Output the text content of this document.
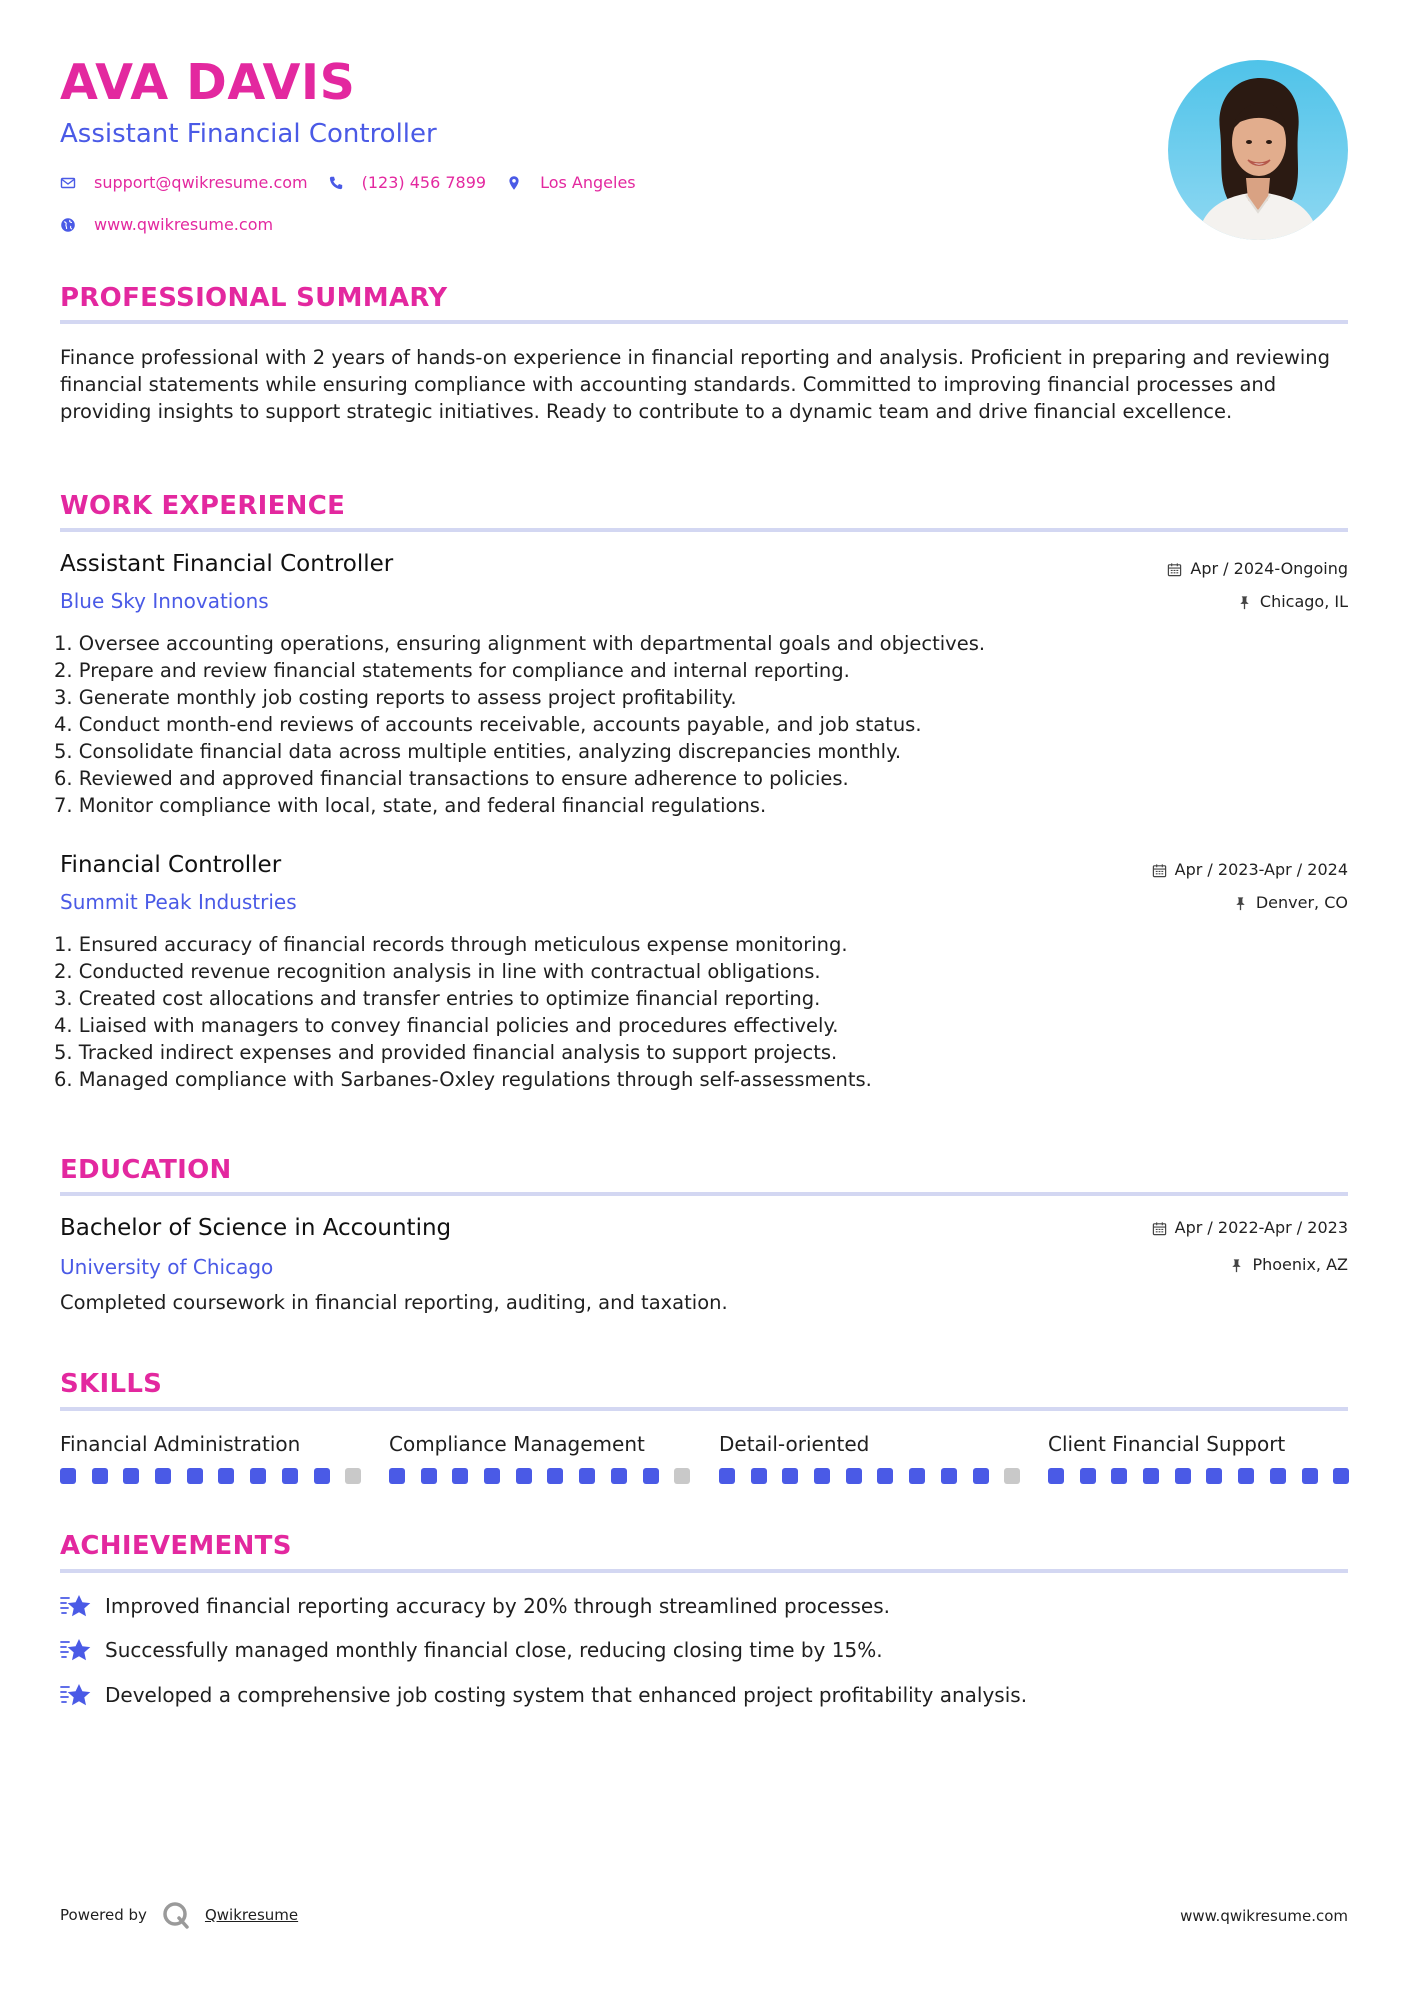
AVA DAVIS
Assistant Financial Controller
support@qwikresume.com	(123) 456 7899	Los Angeles
www.qwikresume.com
PROFESSIONAL SUMMARY
Finance professional with 2 years of hands-on experience in financial reporting and analysis. Proficient in preparing and reviewing financial statements while ensuring compliance with accounting standards. Committed to improving financial processes and providing insights to support strategic initiatives. Ready to contribute to a dynamic team and drive financial excellence.
WORK EXPERIENCE
Assistant Financial Controller
Blue Sky Innovations
Apr / 2024-Ongoing
Chicago, IL
1. Oversee accounting operations, ensuring alignment with departmental goals and objectives.
2. Prepare and review financial statements for compliance and internal reporting.
3. Generate monthly job costing reports to assess project profitability.
4. Conduct month-end reviews of accounts receivable, accounts payable, and job status.
5. Consolidate financial data across multiple entities, analyzing discrepancies monthly.
6. Reviewed and approved financial transactions to ensure adherence to policies.
7. Monitor compliance with local, state, and federal financial regulations.
Financial Controller
Summit Peak Industries
Apr / 2023-Apr / 2024
Denver, CO
1. Ensured accuracy of financial records through meticulous expense monitoring.
2. Conducted revenue recognition analysis in line with contractual obligations.
3. Created cost allocations and transfer entries to optimize financial reporting.
4. Liaised with managers to convey financial policies and procedures effectively.
5. Tracked indirect expenses and provided financial analysis to support projects.
6. Managed compliance with Sarbanes-Oxley regulations through self-assessments.
EDUCATION
Bachelor of Science in Accounting
University of Chicago
Apr / 2022-Apr / 2023
Phoenix, AZ
Completed coursework in financial reporting, auditing, and taxation.
SKILLS
Financial Administration	Compliance Management	Detail-oriented	Client Financial Support
ACHIEVEMENTS
Improved financial reporting accuracy by 20% through streamlined processes.
Successfully managed monthly financial close, reducing closing time by 15%.
Developed a comprehensive job costing system that enhanced project profitability analysis.
Powered by	Qwikresume	www.qwikresume.com
